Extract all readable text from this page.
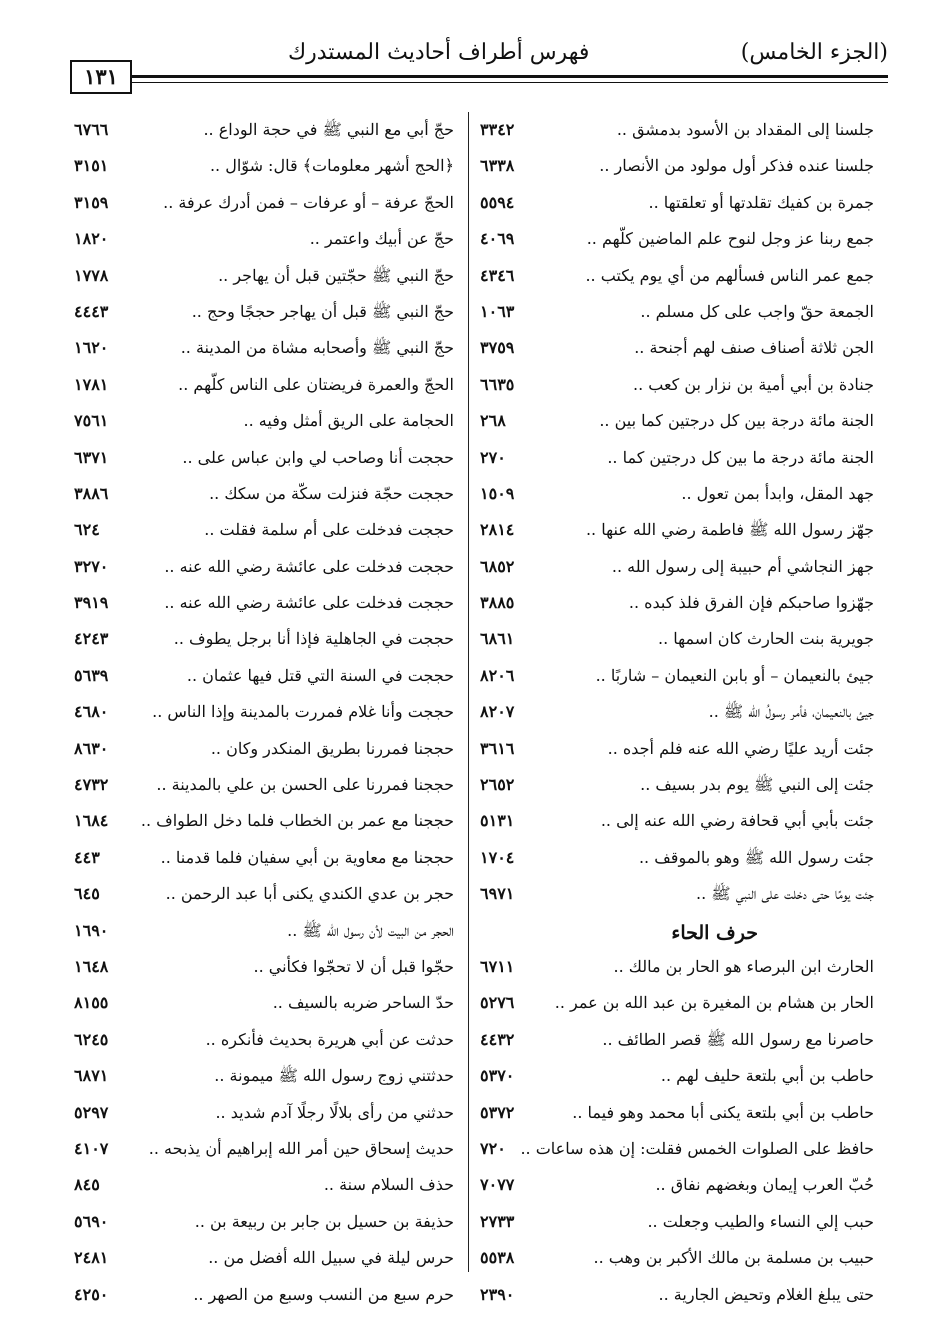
(الجزء الخامس)
فهرس أطراف أحاديث المستدرك
١٣١
جلسنا إلى المقداد بن الأسود بدمشق ..
٣٣٤٢
جلسنا عنده فذكر أول مولود من الأنصار ..
٦٣٣٨
جمرة بن كفيك تقلدتها أو تعلقتها ..
٥٥٩٤
جمع ربنا عز وجل لنوح علم الماضين كلّهم ..
٤٠٦٩
جمع عمر الناس فسألهم من أي يوم يكتب ..
٤٣٤٦
الجمعة حقّ واجب على كل مسلم ..
١٠٦٣
الجن ثلاثة أصناف صنف لهم أجنحة ..
٣٧٥٩
جنادة بن أبي أمية بن نزار بن كعب ..
٦٦٣٥
الجنة مائة درجة بين كل درجتين كما بين ..
٢٦٨
الجنة مائة درجة ما بين كل درجتين كما ..
٢٧٠
جهد المقل، وابدأ بمن تعول ..
١٥٠٩
جهّز رسول الله ﷺ فاطمة رضي الله عنها ..
٢٨١٤
جهز النجاشي أم حبيبة إلى رسول الله ..
٦٨٥٢
جهّزوا صاحبكم فإن الفرق فلذ كبده ..
٣٨٨٥
جويرية بنت الحارث كان اسمها ..
٦٨٦١
جيئ بالنعيمان – أو بابن النعيمان – شاربًا ..
٨٢٠٦
جيئ بالنعيمان، فأمر رسولُ الله ﷺ ..
٨٢٠٧
جئت أريد عليًا رضي الله عنه فلم أجده ..
٣٦١٦
جئت إلى النبي ﷺ يوم بدر بسيف ..
٢٦٥٢
جئت بأبي أبي قحافة رضي الله عنه إلى ..
٥١٣١
جئت رسول الله ﷺ وهو بالموقف ..
١٧٠٤
جئت يومًا حتى دخلت على النبي ﷺ ..
٦٩٧١
حرف الحاء
الحارث ابن البرصاء هو الحار بن مالك ..
٦٧١١
الحار بن هشام بن المغيرة بن عبد الله بن عمر ..
٥٢٧٦
حاصرنا مع رسول الله ﷺ قصر الطائف ..
٤٤٣٢
حاطب بن أبي بلتعة حليف لهم ..
٥٣٧٠
حاطب بن أبي بلتعة يكنى أبا محمد وهو فيما ..
٥٣٧٢
حافظ على الصلوات الخمس فقلت: إن هذه ساعات ..
٧٢٠
حُبّ العرب إيمان وبغضهم نفاق ..
٧٠٧٧
حبب إلي النساء والطيب وجعلت ..
٢٧٣٣
حبيب بن مسلمة بن مالك الأكبر بن وهب ..
٥٥٣٨
حتى يبلغ الغلام وتحيض الجارية ..
٢٣٩٠
حجّ أبي مع النبي ﷺ في حجة الوداع ..
٦٧٦٦
﴿الحج أشهر معلومات﴾ قال: شوّال ..
٣١٥١
الحجّ عرفة – أو عرفات – فمن أدرك عرفة ..
٣١٥٩
حجّ عن أبيك واعتمر ..
١٨٢٠
حجّ النبي ﷺ حجّتين قبل أن يهاجر ..
١٧٧٨
حجّ النبي ﷺ قبل أن يهاجر حججًا وحج ..
٤٤٤٣
حجّ النبي ﷺ وأصحابه مشاة من المدينة ..
١٦٢٠
الحجّ والعمرة فريضتان على الناس كلّهم ..
١٧٨١
الحجامة على الريق أمثل وفيه ..
٧٥٦١
حججت أنا وصاحب لي وابن عباس على ..
٦٣٧١
حججت حجّة فنزلت سكّة من سكك ..
٣٨٨٦
حججت فدخلت على أم سلمة فقلت ..
٦٢٤
حججت فدخلت على عائشة رضي الله عنه ..
٣٢٧٠
حججت فدخلت على عائشة رضي الله عنه ..
٣٩١٩
حججت في الجاهلية فإذا أنا برجل يطوف ..
٤٢٤٣
حججت في السنة التي قتل فيها عثمان ..
٥٦٣٩
حججت وأنا غلام فمررت بالمدينة وإذا الناس ..
٤٦٨٠
حججنا فمررنا بطريق المنكدر وكان ..
٨٦٣٠
حججنا فمررنا على الحسن بن علي بالمدينة ..
٤٧٣٢
حججنا مع عمر بن الخطاب فلما دخل الطواف ..
١٦٨٤
حججنا مع معاوية بن أبي سفيان فلما قدمنا ..
٤٤٣
حجر بن عدي الكندي يكنى أبا عبد الرحمن ..
٦٤٥
الحجر من البيت لأن رسول الله ﷺ ..
١٦٩٠
حجّوا قبل أن لا تحجّوا فكأني ..
١٦٤٨
حدّ الساحر ضربه بالسيف ..
٨١٥٥
حدثت عن أبي هريرة بحديث فأنكره ..
٦٢٤٥
حدثتني زوج رسول الله ﷺ ميمونة ..
٦٨٧١
حدثني من رأى بلالًا رجلًا آدم شديد ..
٥٢٩٧
حديث إسحاق حين أمر الله إبراهيم أن يذبحه ..
٤١٠٧
حذف السلام سنة ..
٨٤٥
حذيفة بن حسيل بن جابر بن ربيعة بن ..
٥٦٩٠
حرس ليلة في سبيل الله أفضل من ..
٢٤٨١
حرم سبع من النسب وسبع من الصهر ..
٤٢٥٠
